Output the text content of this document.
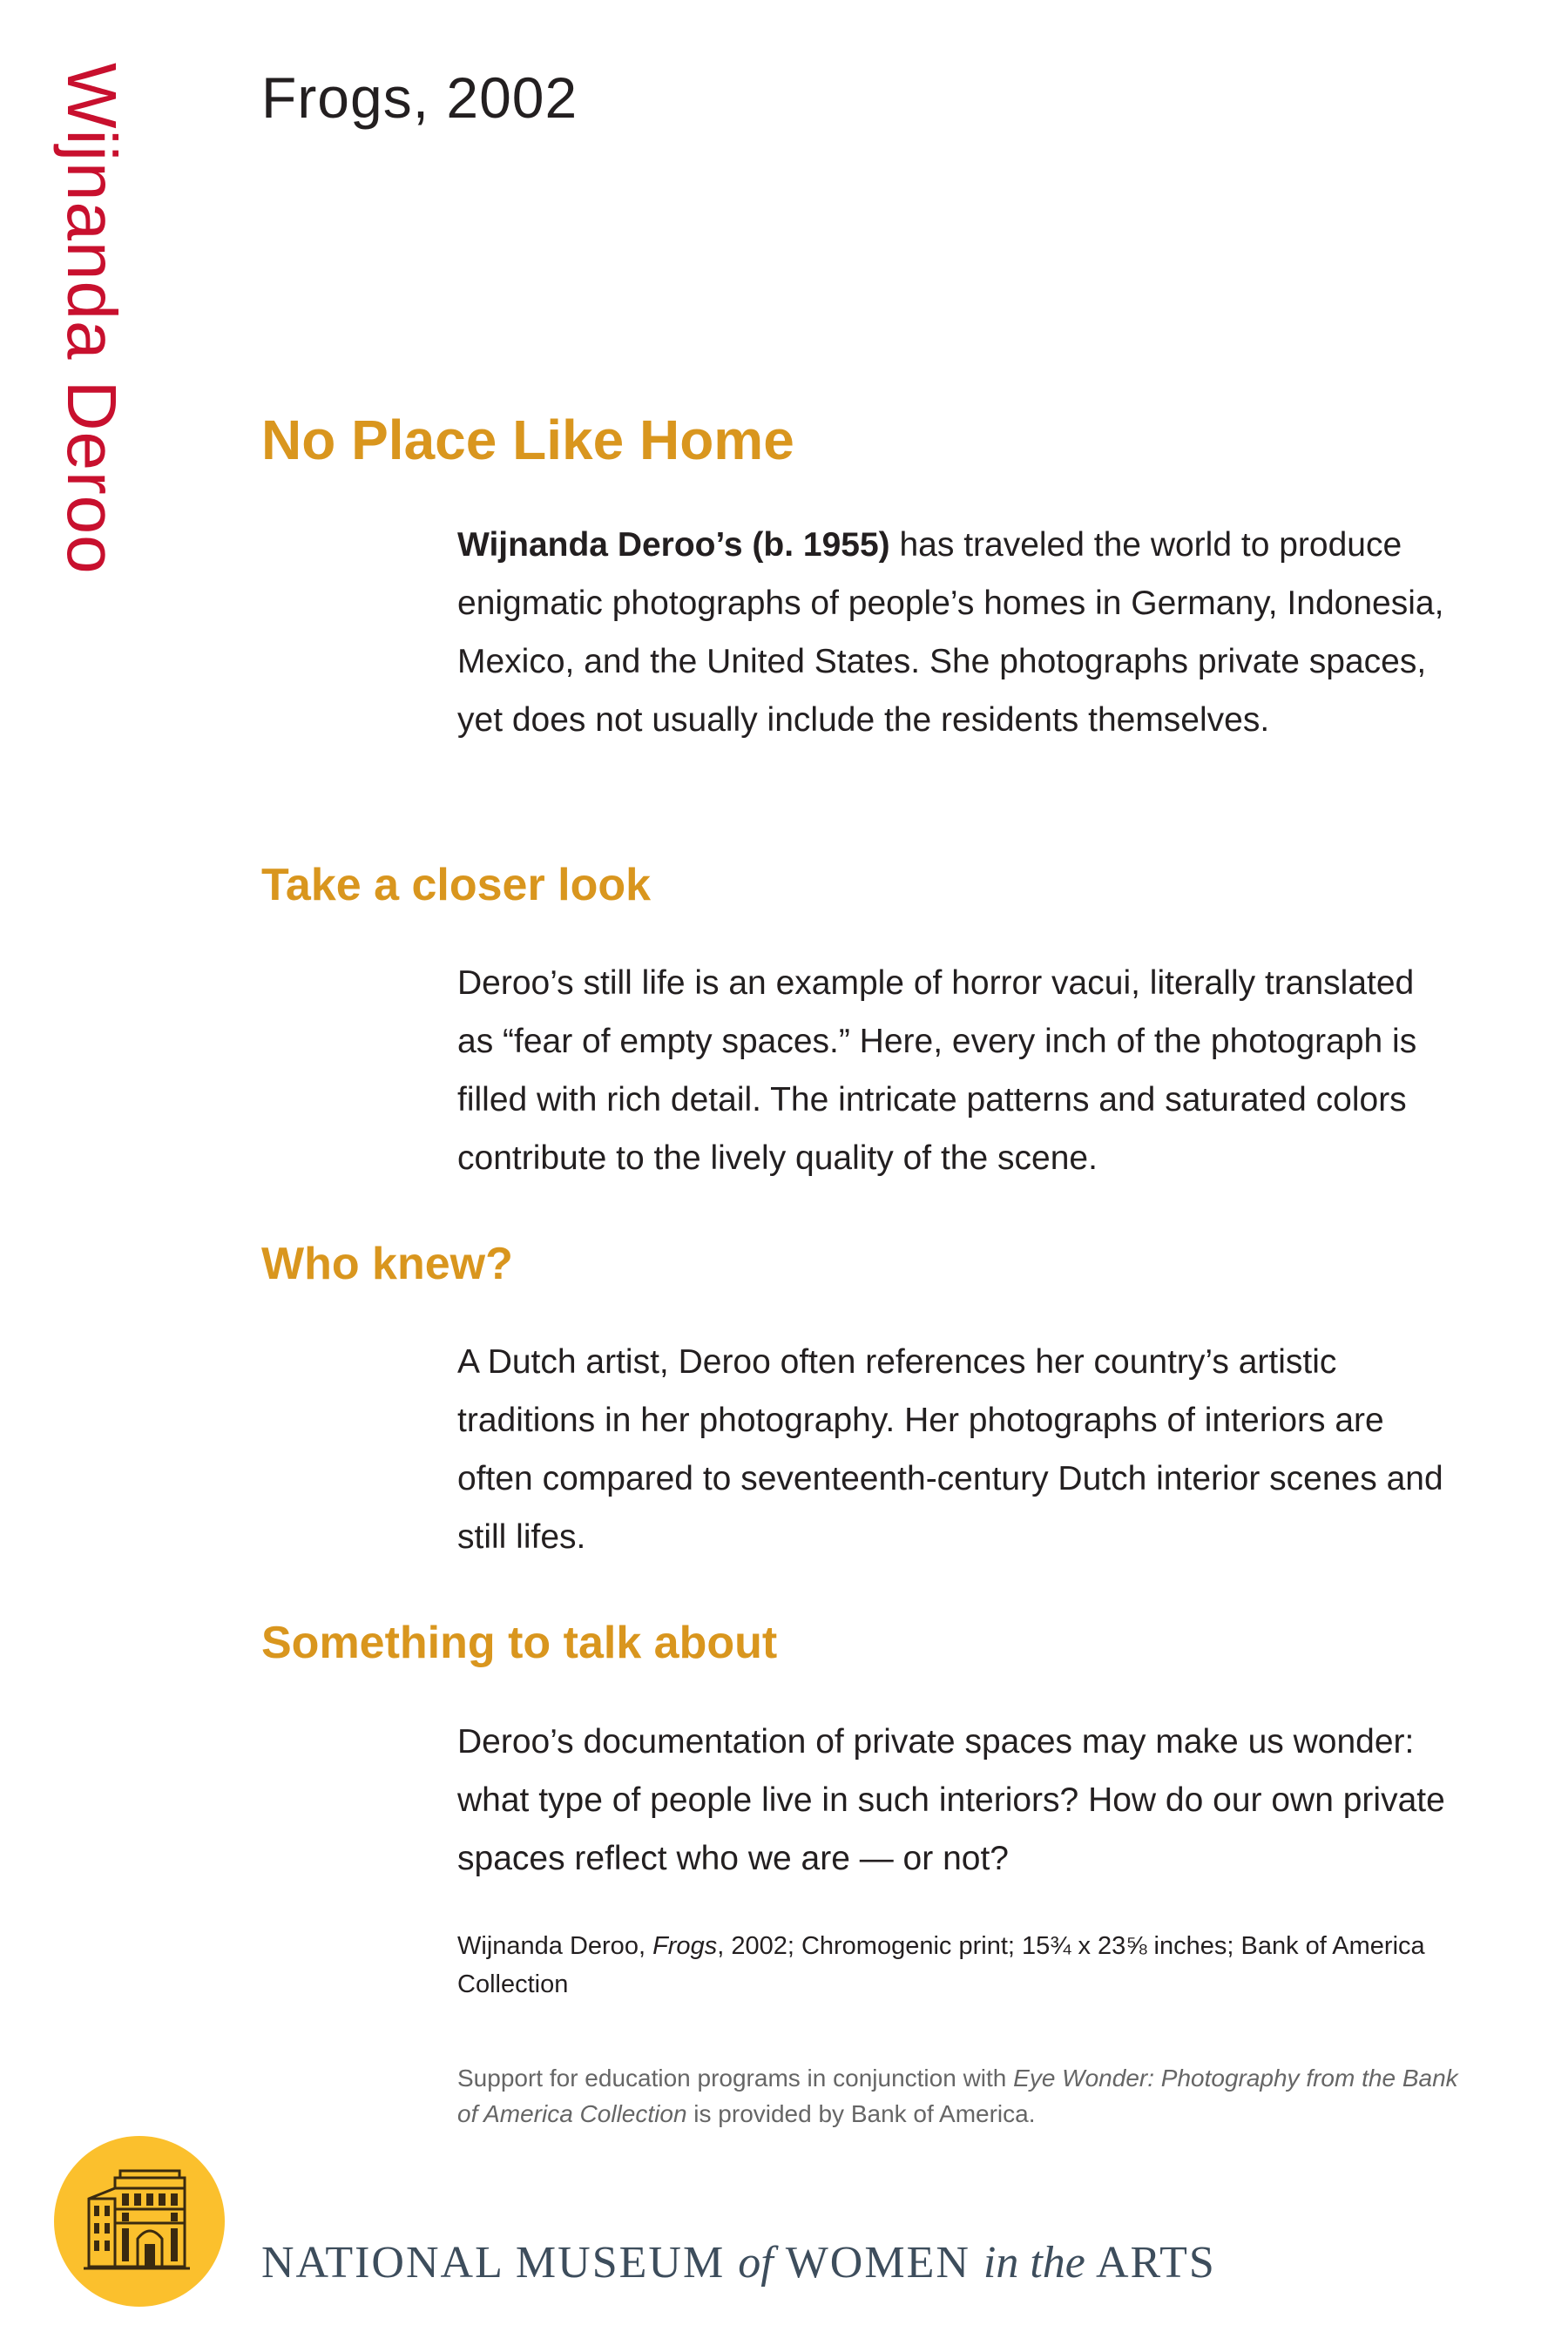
Wijnanda Deroo Frogs, 2002
No Place Like Home

Wijnanda Deroo’s (b. 1955) has traveled the world to produce enigmatic photographs of people’s homes in Germany, Indonesia, Mexico, and the United States. She photographs private spaces, yet does not usually include the residents themselves.

Take a closer look

Deroo’s still life is an example of horror vacui, literally translated as “fear of empty spaces.” Here, every inch of the photograph is filled with rich detail. The intricate patterns and saturated colors contribute to the lively quality of the scene.

Who knew?

A Dutch artist, Deroo often references her country’s artistic traditions in her photography. Her photographs of interiors are often compared to seventeenth-century Dutch interior scenes and still lifes.

Something to talk about

Deroo’s documentation of private spaces may make us wonder: what type of people live in such interiors? How do our own private spaces reflect who we are — or not?

Wijnanda Deroo, Frogs, 2002; Chromogenic print; 15¾ x 23⅝ inches; Bank of America Collection

Support for education programs in conjunction with Eye Wonder: Photography from the Bank of America Collection is provided by Bank of America.

NATIONAL MUSEUM of WOMEN in the ARTS
